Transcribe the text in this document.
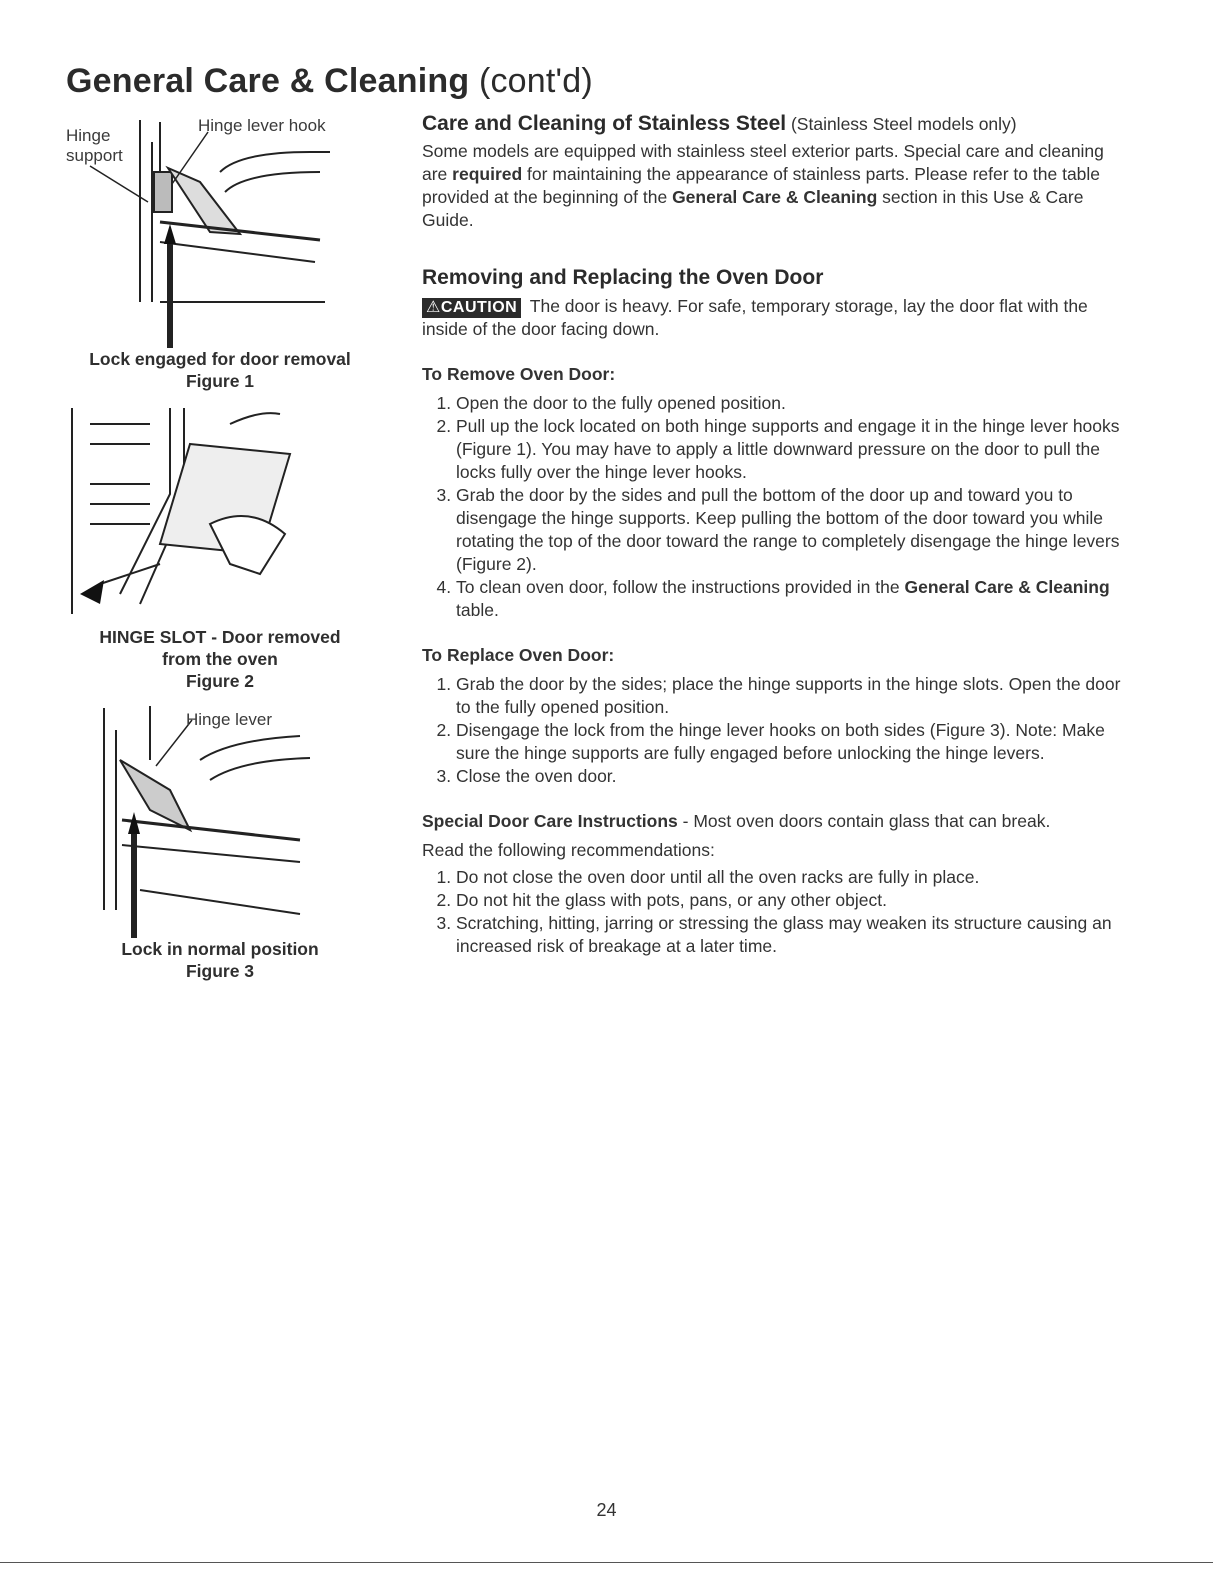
General Care & Cleaning (cont'd)
Hinge support
Hinge lever hook
Lock engaged for door removal
Figure 1
HINGE SLOT - Door removed
from the oven
Figure 2
Hinge lever
Lock in normal position
Figure 3

Care and Cleaning of Stainless Steel (Stainless Steel models only)

Some models are equipped with stainless steel exterior parts. Special care and cleaning are required for maintaining the appearance of stainless parts. Please refer to the table provided at the beginning of the General Care & Cleaning section in this Use & Care Guide.

Removing and Replacing the Oven Door

⚠CAUTION The door is heavy. For safe, temporary storage, lay the door flat with the inside of the door facing down.

To Remove Oven Door:

1. Open the door to the fully opened position.
2. Pull up the lock located on both hinge supports and engage it in the hinge lever hooks (Figure 1). You may have to apply a little downward pressure on the door to pull the locks fully over the hinge lever hooks.
3. Grab the door by the sides and pull the bottom of the door up and toward you to disengage the hinge supports. Keep pulling the bottom of the door toward you while rotating the top of the door toward the range to completely disengage the hinge levers (Figure 2).
4. To clean oven door, follow the instructions provided in the General Care & Cleaning table.

To Replace Oven Door:

1. Grab the door by the sides; place the hinge supports in the hinge slots. Open the door to the fully opened position.
2. Disengage the lock from the hinge lever hooks on both sides (Figure 3). Note: Make sure the hinge supports are fully engaged before unlocking the hinge levers.
3. Close the oven door.

Special Door Care Instructions - Most oven doors contain glass that can break.

Read the following recommendations:

1. Do not close the oven door until all the oven racks are fully in place.
2. Do not hit the glass with pots, pans, or any other object.
3. Scratching, hitting, jarring or stressing the glass may weaken its structure causing an increased risk of breakage at a later time.
24
